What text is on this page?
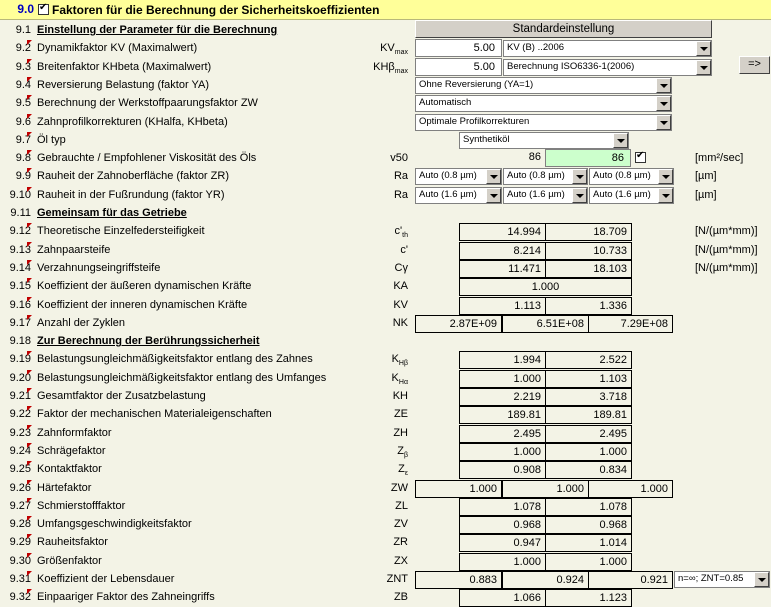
9.0 ✔ Faktoren für die Berechnung der Sicherheitskoeffizienten
Standardeinstellung
=>
9.1 Einstellung der Parameter für die Berechnung
9.2 Dynamikfaktor KV (Maximalwert)	$KV_{max}$	5.00	KV (B) ..2006
9.3 Breitenfaktor KHbeta (Maximalwert)	KHβ$_{max}$	5.00	Berechnung ISO6336-1(2006)
9.4 Reversierung Belastung (faktor YA)	Ohne Reversierung (YA=1)
9.5 Berechnung der Werkstoffpaarungsfaktor ZW	Automatisch
9.6 Zahnprofilkorrekturen (KHalfa, KHbeta)	Optimale Profilkorrekturen
9.7 Öl typ	Synthetiköl
9.8 Gebrauchte / Empfohlener Viskosität des Öls	v50	86	86 ✔	[mm²/sec]
9.9 Rauheit der Zahnoberfläche (faktor ZR)	Ra Auto (0.8 µm)	Auto (0.8 µm)	Auto (0.8 µm)	[µm]
9.10 Rauheit in der Fußrundung (faktor YR)	Ra Auto (1.6 µm)	Auto (1.6 µm)	Auto (1.6 µm)	[µm]
9.11 Gemeinsam für das Getriebe
9.12 Theoretische Einzelfedersteifigkeit	$c'_{th}$	14.994	18.709	[N/(µm*mm)]
9.13 Zahnpaarsteife	c'	8.214	10.733	[N/(µm*mm)]
9.14 Verzahnungseingriffsteife	Cγ	11.471	18.103	[N/(µm*mm)]
9.15 Koeffizient der äußeren dynamischen Kräfte	KA	1.000
9.16 Koeffizient der inneren dynamischen Kräfte	KV	1.113	1.336
9.17 Anzahl der Zyklen	NK	2.87E+09	6.51E+08	7.29E+08
9.18 Zur Berechnung der Berührungssicherheit
9.19 Belastungsungleichmäßigkeitsfaktor entlang des Zahnes	$K_{H\beta}$	1.994	2.522
9.20 Belastungsungleichmäßigkeitsfaktor entlang des Umfanges	$K_{H\alpha}$	1.000	1.103
9.21 Gesamtfaktor der Zusatzbelastung	KH	2.219	3.718
9.22 Faktor der mechanischen Materialeigenschaften	ZE	189.81	189.81
9.23 Zahnformfaktor	ZH	2.495	2.495
9.24 Schrägefaktor	$Z_\beta$	1.000	1.000
9.25 Kontaktfaktor	$Z_\varepsilon$	0.908	0.834
9.26 Härtefaktor	ZW	1.000	1.000	1.000
9.27 Schmierstofffaktor	ZL	1.078	1.078
9.28 Umfangsgeschwindigkeitsfaktor	ZV	0.968	0.968
9.29 Rauheitsfaktor	ZR	0.947	1.014
9.30 Größenfaktor	ZX	1.000	1.000
9.31 Koeffizient der Lebensdauer	ZNT	0.883	0.924	0.921	n=∞; ZNT=0.85
9.32 Einpaariger Faktor des Zahneingriffs	ZB	1.066	1.123
